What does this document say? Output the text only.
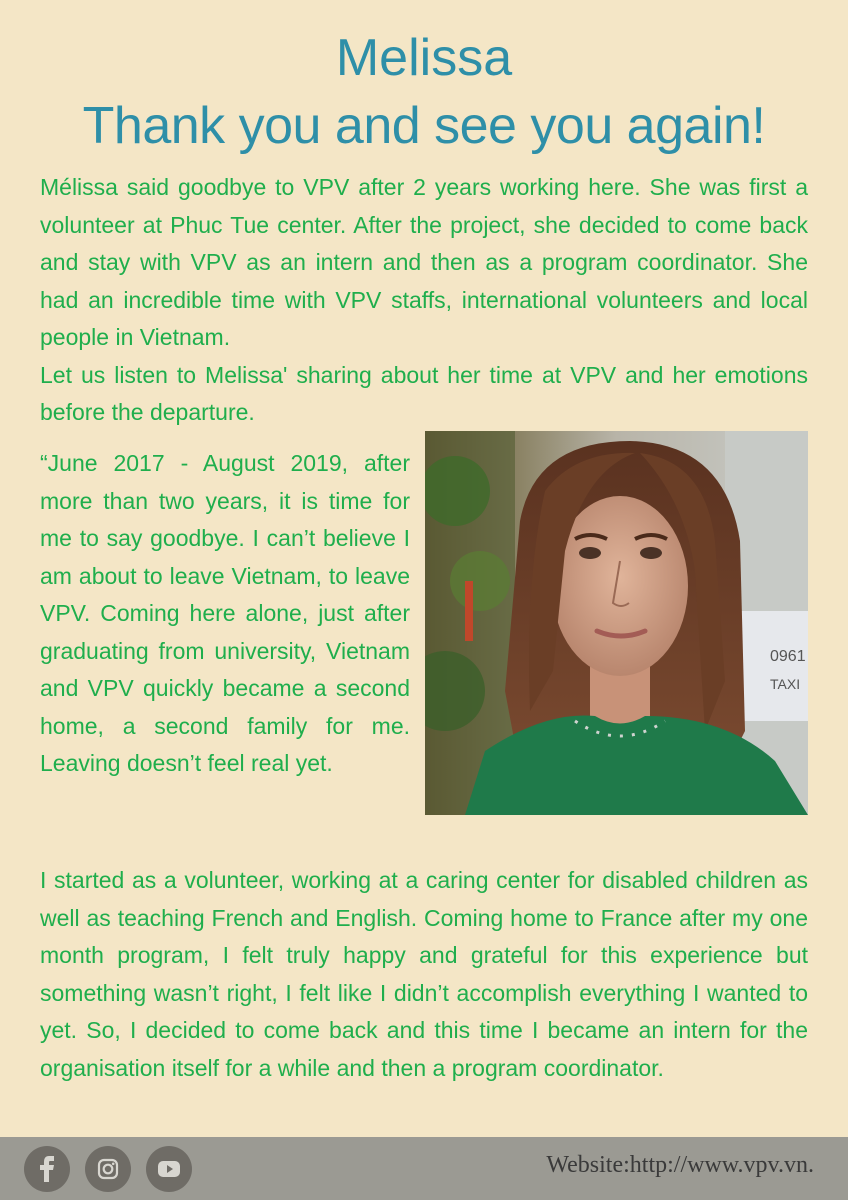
Melissa
Thank you and see you again!

Mélissa said goodbye to VPV after 2 years working here. She was first a volunteer at Phuc Tue center. After the project, she decided to come back and stay with VPV as an intern and then as a program coordinator. She had an incredible time with VPV staffs, international volunteers and local people in Vietnam.
Let us listen to Melissa' sharing about her time at VPV and her emotions before the departure.

“June 2017 - August 2019, after more than two years, it is time for me to say goodbye. I can’t believe I am about to leave Vietnam, to leave VPV. Coming here alone, just after graduating from university, Vietnam and VPV quickly became a second home, a second family for me. Leaving doesn’t feel real yet.

0961
TAXI

I started as a volunteer, working at a caring center for disabled children as well as teaching French and English. Coming home to France after my one month program, I felt truly happy and grateful for this experience but something wasn’t right, I felt like I didn’t accomplish everything I wanted to yet. So, I decided to come back and this time I became an intern for the organisation itself for a while and then a program coordinator.

Website:http://www.vpv.vn.
